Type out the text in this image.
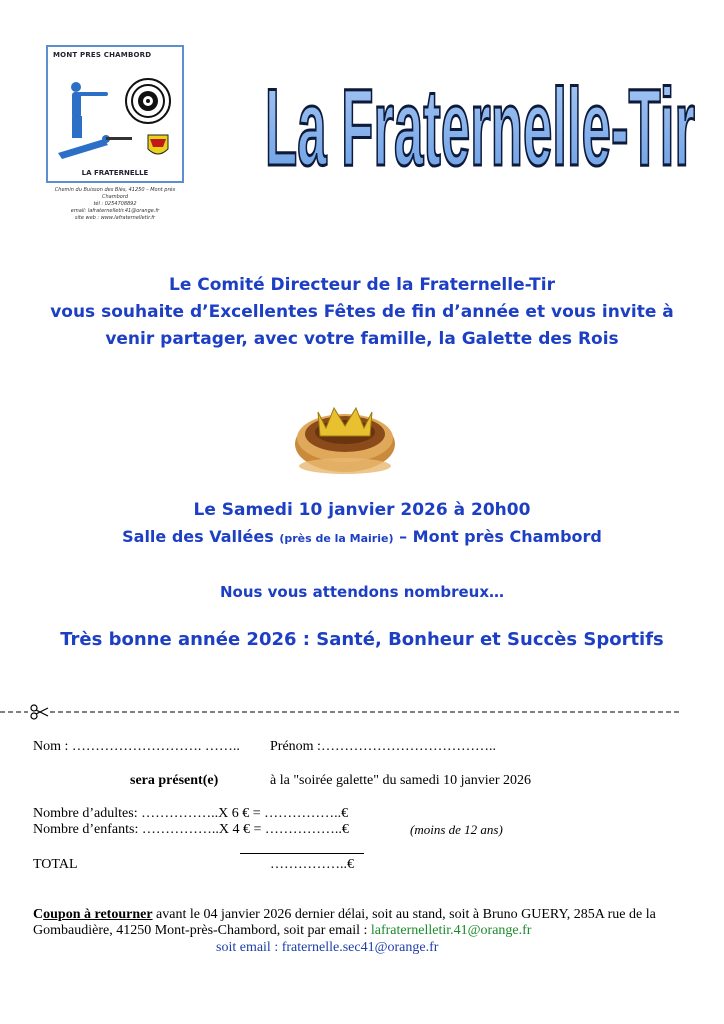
MONT PRES CHAMBORD
LA FRATERNELLE
Chemin du Buisson des Blés, 41250 – Mont près Chambord
tél : 0254708892
email: lafraternelletir.41@orange.fr
site web : www.lafraternelletir.fr
La Fraternelle-Tir
Le Comité Directeur de la Fraternelle-Tir
vous souhaite d’Excellentes Fêtes de fin d’année et vous invite à
venir partager, avec votre famille, la Galette des Rois
Le Samedi 10 janvier 2026 à 20h00
Salle des Vallées (près de la Mairie) – Mont près Chambord
Nous vous attendons nombreux…
Très bonne année 2026 : Santé, Bonheur et Succès Sportifs
Nom : ………………………. …….. Prénom :………………………………..
sera présent(e)	à la "soirée galette" du samedi 10 janvier 2026
Nombre d’adultes: ……………..X 6 € = ……………..€
Nombre d’enfants: ……………..X 4 € = ……………..€	(moins de 12 ans)
TOTAL	……………..€
Coupon à retourner avant le 04 janvier 2026 dernier délai, soit au stand, soit à Bruno GUERY, 285A rue de la
Gombaudière, 41250 Mont-près-Chambord, soit par email : lafraternelletir.41@orange.fr
soit email : fraternelle.sec41@orange.fr
